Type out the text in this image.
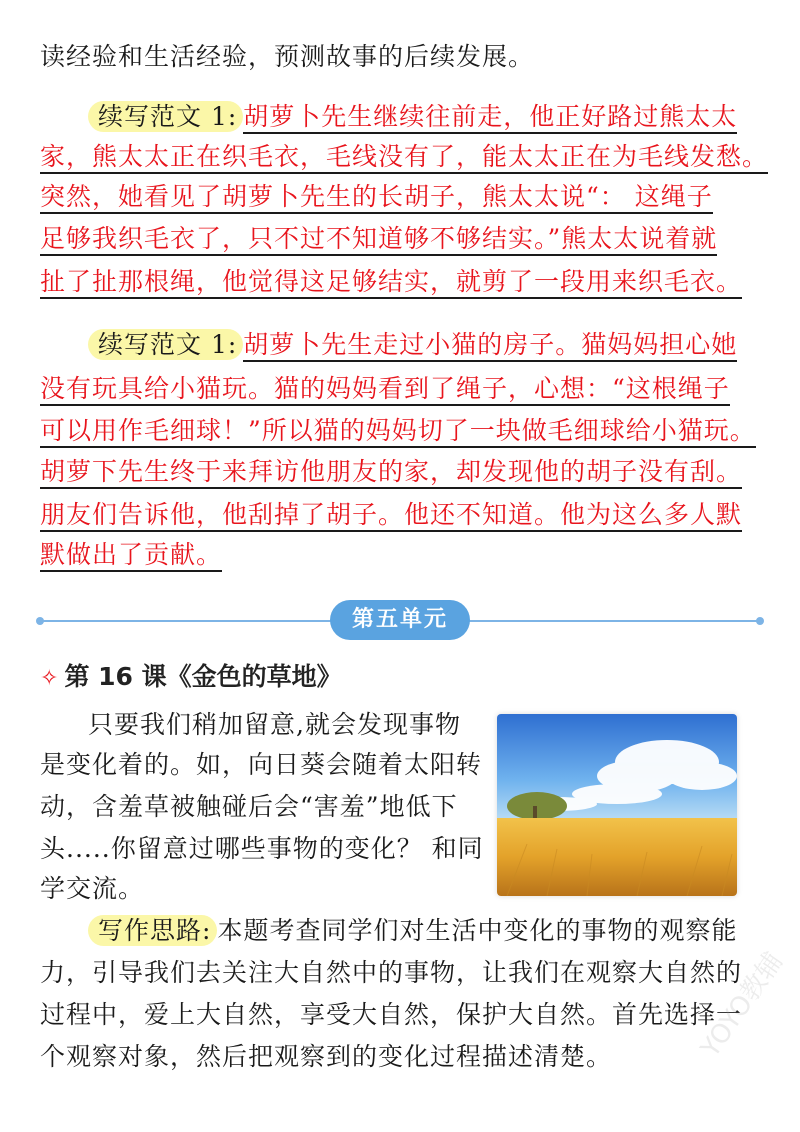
读经验和生活经验，预测故事的后续发展。
续写范文 1: 胡萝卜先生继续往前走，他正好路过熊太太
家，熊太太正在织毛衣，毛线没有了，能太太正在为毛线发愁。
突然，她看见了胡萝卜先生的长胡子，熊太太说“： 这绳子
足够我织毛衣了，只不过不知道够不够结实。”熊太太说着就
扯了扯那根绳，他觉得这足够结实，就剪了一段用来织毛衣。
续写范文 1: 胡萝卜先生走过小猫的房子。猫妈妈担心她
没有玩具给小猫玩。猫的妈妈看到了绳子，心想：“这根绳子
可以用作毛细球！”所以猫的妈妈切了一块做毛细球给小猫玩。
胡萝下先生终于来拜访他朋友的家，却发现他的胡子没有刮。
朋友们告诉他，他刮掉了胡子。他还不知道。他为这么多人默
默做出了贡献。
第五单元
✧ 第 16 课《金色的草地》
只要我们稍加留意,就会发现事物
是变化着的。如，向日葵会随着太阳转
动，含羞草被触碰后会“害羞”地低下
头.....你留意过哪些事物的变化？ 和同
学交流。
写作思路: 本题考查同学们对生活中变化的事物的观察能
力，引导我们去关注大自然中的事物，让我们在观察大自然的
过程中，爱上大自然，享受大自然，保护大自然。首先选择一
个观察对象，然后把观察到的变化过程描述清楚。	YOYO教辅
